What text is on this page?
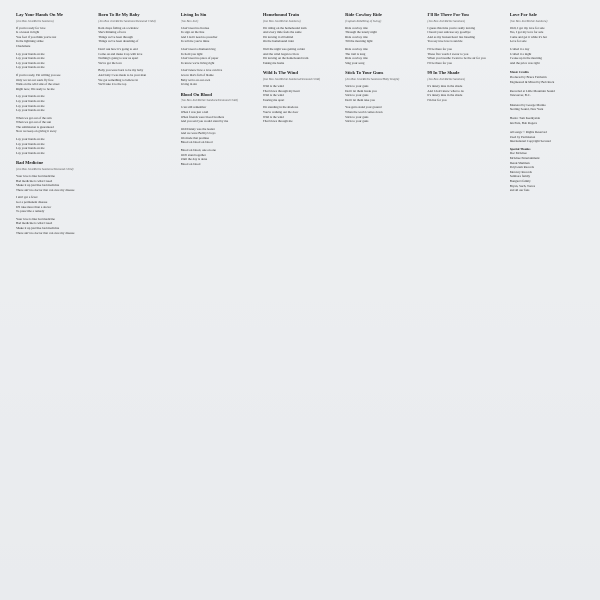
Lay Your Hands On Me
(Jon Bon Jovi/Richie Sambora)
If you're ready for love
Is a lesson in light
You fool if you think you're not
In the lightning strike
Checkmate
Lay your hands on me
Lay your hands on me
Lay your hands on me
Lay your hands on me
If you're ready, I'm willing you see
Only we let our souls fly free
Walk on the wild side of the street
Right now, I'm ready to be me
Lay your hands on me
Lay your hands on me
Lay your hands on me
Lay your hands on me
When we get out of the rain
When we get out of the sun
The submission is guaranteed
Now we keep on giving it away
Lay your hands on me
Lay your hands on me
Lay your hands on me
Lay your hands on me
Bad Medicine
(Jon Bon Jovi/Richie Sambora/Desmond Child)
Your love is like bad medicine
Bad medicine is what I need
Shake it up just like bad medicine
There ain't no doctor that can cure my disease
I ain't got a fever
Got a permanent disease
It'll take more than a doctor
To prescribe a remedy
Your love is like bad medicine
Bad medicine is what I need
Shake it up just like bad medicine
There ain't no doctor that can cure my disease
Born To Be My Baby
(Jon Bon Jovi/Richie Sambora/Desmond Child)
Rain drops falling on a window
She's thinking of love
Things we've been through
Things we've been dreaming of
Don't ask how it's going to end
Come on and make it up with love
Nothing's going to tear us apart
We've got the love
Baby you were born to be my baby
And baby I was made to be your man
We got something to believe in
We'll take it to the top
Living In Sin
(Jon Bon Jovi)
I don't need no license
To sign on the line
And I don't need no preacher
To tell me you're mine
I don't need a diamond ring
To hold you tight
I don't need no piece of paper
To know we're living right
I don't know how a love can live
A love that's full of blame
Baby we're on our own
Living in sin
Blood On Blood
(Jon Bon Jovi/Richie Sambora/Desmond Child)
I can still remember
When I was just a kid
When friends were blood brothers
And you said you would stand by me
Well Danny was the leader
And we were Bobby's boys
We made that promise
Blood on blood on blood
Blood on blood, one on one
We'll stand together
Until the day is done
Blood on blood
Homebound Train
(Jon Bon Jovi/Richie Sambora)
I'm riding on the homebound train
And every mile feels the same
I'm leaving it all behind
On the homebound train
Well the night was getting colder
And the wind began to blow
I'm leaving on the homebound train
Taking me home
Wild Is The Wind
(Jon Bon Jovi/Richie Sambora/Desmond Child)
Wild is the wind
That blows through my heart
Wild is the wind
Tearing me apart
I'm standing in the shadows
You're walking out the door
Wild is the wind
That blows through me
Ride Cowboy Ride
(Captain Kidd/King of Swing)
Ride cowboy ride
Through the lonely night
Ride cowboy ride
Till the morning light
Ride cowboy ride
The trail is long
Ride cowboy ride
Sing your song
Stick To Your Guns
(Jon Bon Jovi/Richie Sambora/Holly Knight)
Stick to your guns
Don't let them break you
Stick to your guns
Don't let them take you
You gotta stand your ground
When the world comes down
Stick to your guns
Stick to your guns
I'll Be There For You
(Jon Bon Jovi/Richie Sambora)
I guess this time you're really leaving
I heard your suitcase say goodbye
And as my broken heart lies bleeding
You say true love is suicide
I'll be there for you
These five words I swear to you
When you breathe I want to be the air for you
I'll be there for you
99 In The Shade
(Jon Bon Jovi/Richie Sambora)
It's ninety nine in the shade
And I don't know what to do
It's ninety nine in the shade
I'm hot for you
Love For Sale
(Jon Bon Jovi/Richie Sambora)
Well, I got my love for sale
Yes, I got my love for sale
Come and get it while it's hot
Love for sale
I called it a day
I called it a night
I woke up in the morning
And the price was right
Music Credits
Produced by Bruce Fairbairn
Engineered & Mixed by Bob Rock

Recorded at Little Mountain Sound
Vancouver, B.C.

Mastered by George Marino
Sterling Sound, New York

Horns: Tom Keenlyside
Ian Putz, Bob Rogers

All songs © Rights Reserved
Used by Permission
International Copyright Secured
Special Thanks
Doc McGhee
McGhee Entertainment
Derek Shulman
PolyGram Records
Mercury Records
Sambora family
Bongiovi family
Bryan, Such, Torres
and all our fans
